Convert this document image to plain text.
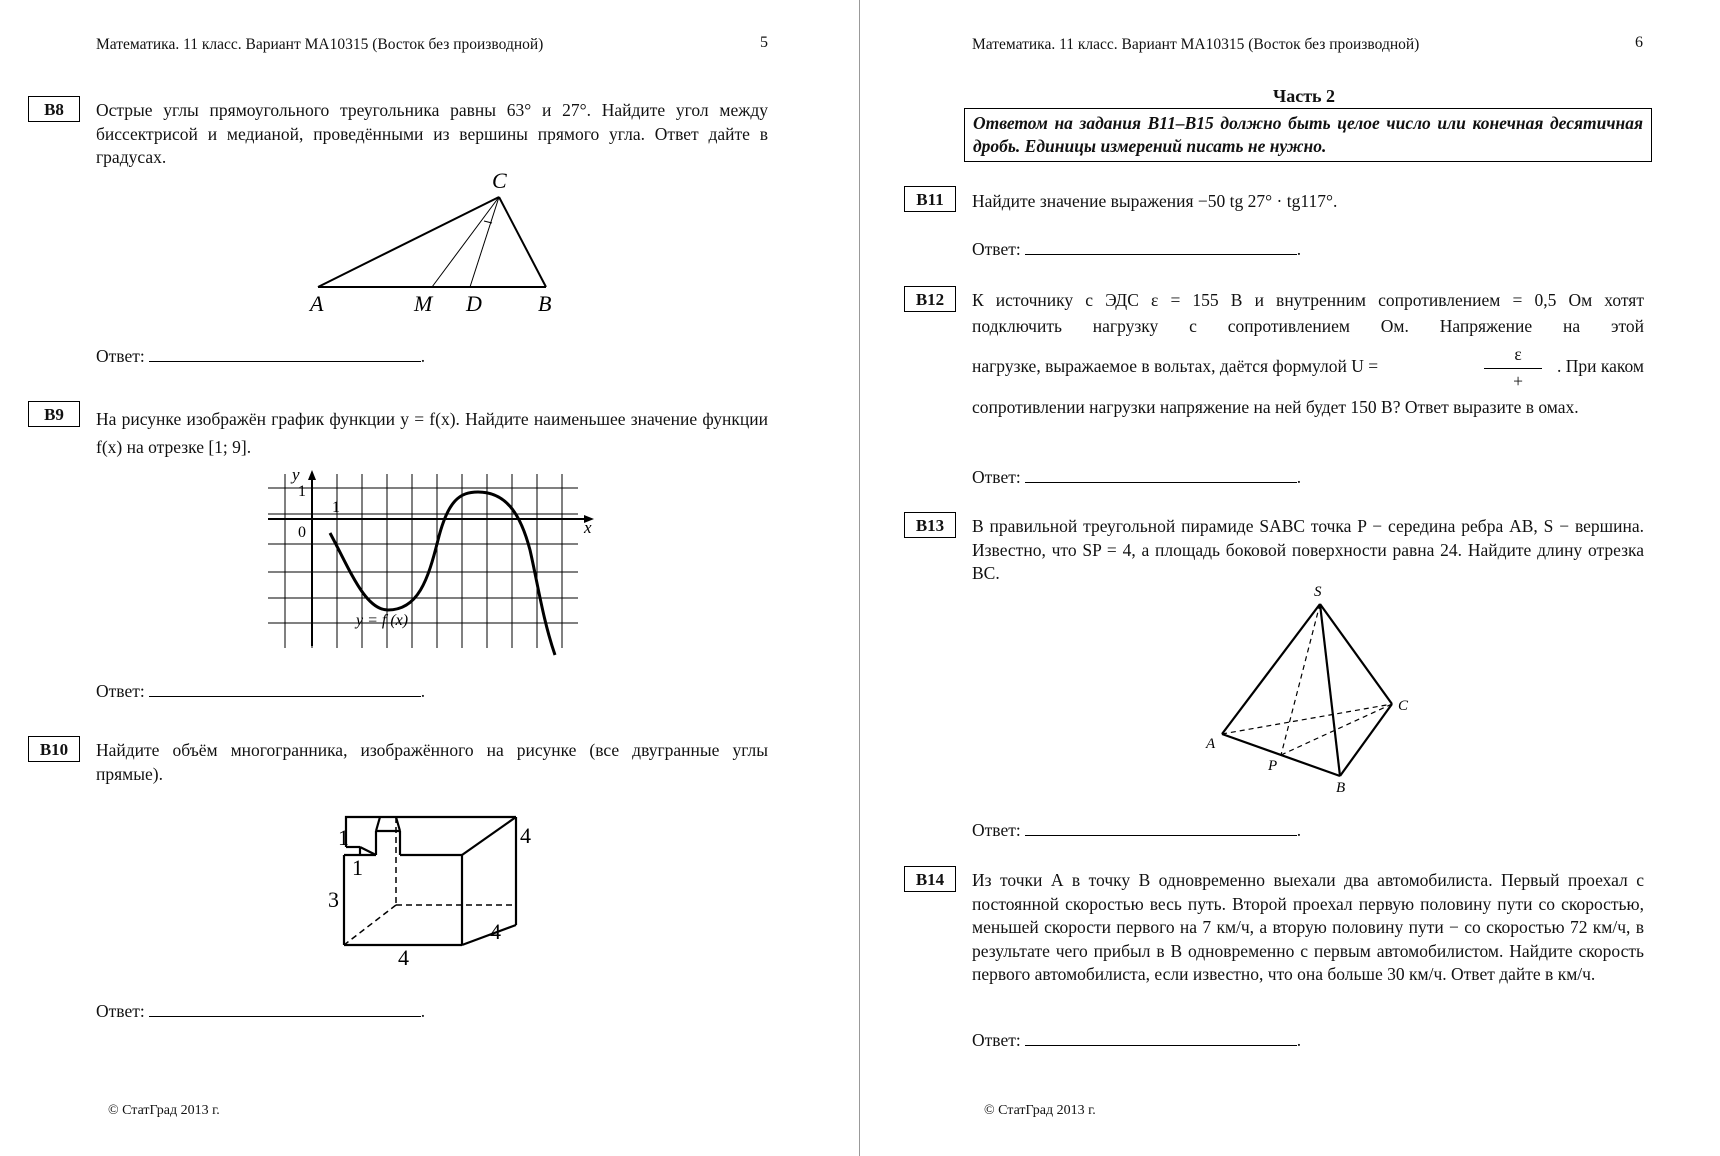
Математика. 11 класс. Вариант МА10315 (Восток без производной)	5
B8	Острые углы прямоугольного треугольника равны 63° и 27°. Найдите угол между биссектрисой и медианой, проведёнными из вершины прямого угла. Ответ дайте в градусах.
A	M D	B
C
Ответ:	.
B9	На рисунке изображён график функции y = f(x). Найдите наименьшее значение функции f(x) на отрезке [1; 9].
y
x
1
1
0
y = f (x)
Ответ:	.
B10	Найдите объём многогранника, изображённого на рисунке (все двугранные углы прямые).
1
1
3
4
4
4
Ответ:	.
© СтатГрад 2013 г.
Математика. 11 класс. Вариант МА10315 (Восток без производной)	6
Часть 2
Ответом на задания B11–B15 должно быть целое число или конечная десятичная дробь. Единицы измерений писать не нужно.
B11	Найдите значение выражения −50 tg 27° · tg117°.
Ответ:	.
B12	К источнику с ЭДС ε = 155 В и внутренним сопротивлением = 0,5 Ом хотят
подключить нагрузку с сопротивлением Ом. Напряжение на этой
нагрузке, выражаемое в вольтах, даётся формулой U =
ε
+
. При каком
сопротивлении нагрузки напряжение на ней будет 150 В? Ответ выразите в омах.
Ответ:	.
B13	В правильной треугольной пирамиде SABC точка P − середина ребра AB, S − вершина. Известно, что SP = 4, а площадь боковой поверхности равна 24. Найдите длину отрезка BC.
S
A
B
C
P
Ответ:	.
B14	Из точки А в точку В одновременно выехали два автомобилиста. Первый проехал с постоянной скоростью весь путь. Второй проехал первую половину пути со скоростью, меньшей скорости первого на 7 км/ч, а вторую половину пути − со скоростью 72 км/ч, в результате чего прибыл в В одновременно с первым автомобилистом. Найдите скорость первого автомобилиста, если известно, что она больше 30 км/ч. Ответ дайте в км/ч.
Ответ:	.
© СтатГрад 2013 г.
